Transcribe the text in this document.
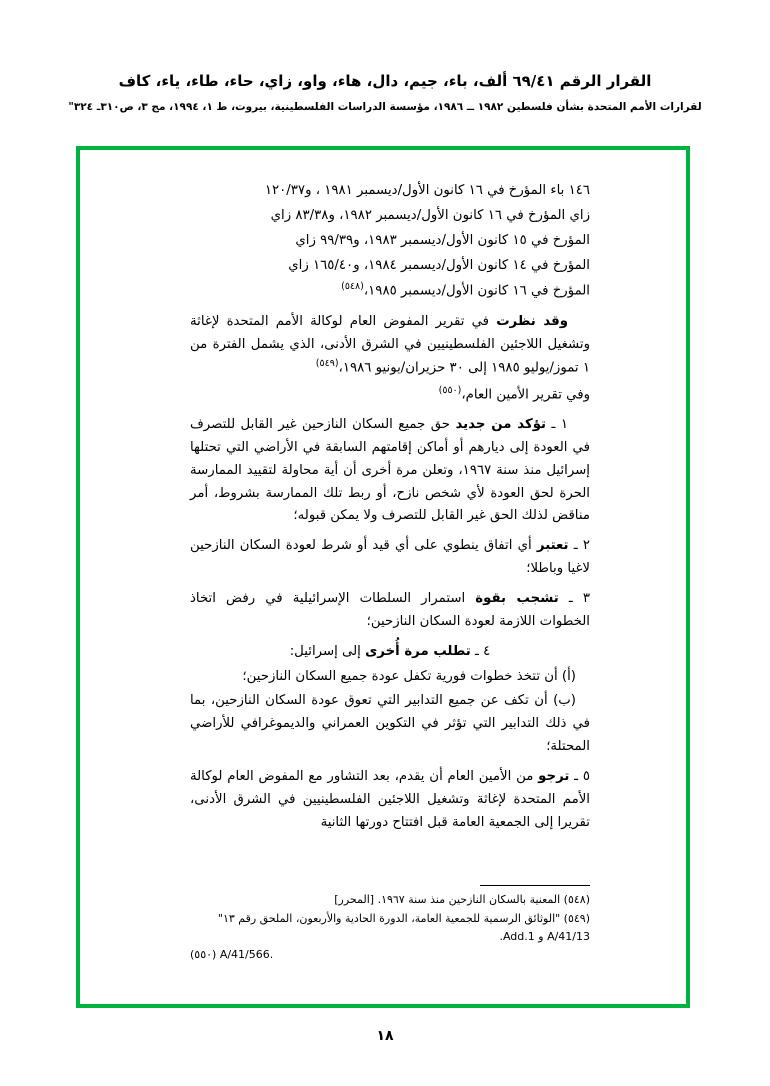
القرار الرقم ٦٩/٤١ ألف، باء، جيم، دال، هاء، واو، زاي، حاء، طاء، ياء، كاف
لقرارات الأمم المتحدة بشأن فلسطين ١٩٨٢ ــ ١٩٨٦، مؤسسة الدراسات الفلسطينية، بيروت، ط ١، ١٩٩٤، مج ٣، ص٣١٠ـ ٣٢٤"

١٤٦ باء المؤرخ في ١٦ كانون الأول/ديسمبر ١٩٨١ ، و١٢٠/٣٧

زاي المؤرخ في ١٦ كانون الأول/ديسمبر ١٩٨٢، و٨٣/٣٨ زاي

المؤرخ في ١٥ كانون الأول/ديسمبر ١٩٨٣، و٩٩/٣٩ زاي

المؤرخ في ١٤ كانون الأول/ديسمبر ١٩٨٤، و١٦٥/٤٠ زاي

المؤرخ في ١٦ كانون الأول/ديسمبر ١٩٨٥،$^{(٥٤٨)}$

وقد نظرت في تقرير المفوض العام لوكالة الأمم المتحدة لإغاثة وتشغيل اللاجئين الفلسطينيين في الشرق الأدنى، الذي يشمل الفترة من ١ تموز/يوليو ١٩٨٥ إلى ٣٠ حزيران/يونيو ١٩٨٦،$^{(٥٤٩)}$

وفي تقرير الأمين العام،$^{(٥٥٠)}$

١ ـ تؤكد من جديد حق جميع السكان النازحين غير القابل للتصرف في العودة إلى ديارهم أو أماكن إقامتهم السابقة في الأراضي التي تحتلها إسرائيل منذ سنة ١٩٦٧، وتعلن مرة أخرى أن أية محاولة لتقييد الممارسة الحرة لحق العودة لأي شخص نازح، أو ربط تلك الممارسة بشروط، أمر مناقض لذلك الحق غير القابل للتصرف ولا يمكن قبوله؛

٢ ـ تعتبر أي اتفاق ينطوي على أي قيد أو شرط لعودة السكان النازحين لاغيا وباطلا؛

٣ ـ تشجب بقوة استمرار السلطات الإسرائيلية في رفض اتخاذ الخطوات اللازمة لعودة السكان النازحين؛

٤ ـ تطلب مرة أُخرى إلى إسرائيل:

(أ) أن تتخذ خطوات فورية تكفل عودة جميع السكان النازحين؛

(ب) أن تكف عن جميع التدابير التي تعوق عودة السكان النازحين، بما في ذلك التدابير التي تؤثر في التكوين العمراني والديموغرافي للأراضي المحتلة؛

٥ ـ ترجو من الأمين العام أن يقدم، بعد التشاور مع المفوض العام لوكالة الأمم المتحدة لإغاثة وتشغيل اللاجئين الفلسطينيين في الشرق الأدنى، تقريرا إلى الجمعية العامة قبل افتتاح دورتها الثانية

(٥٤٨) المعنية بالسكان النازحين منذ سنة ١٩٦٧. [المحرر]

(٥٤٩) "الوثائق الرسمية للجمعية العامة، الدورة الحادية والأربعون، الملحق رقم ١٣" A/41/13 و Add.1.

(٥٥٠) A/41/566.

١٨
